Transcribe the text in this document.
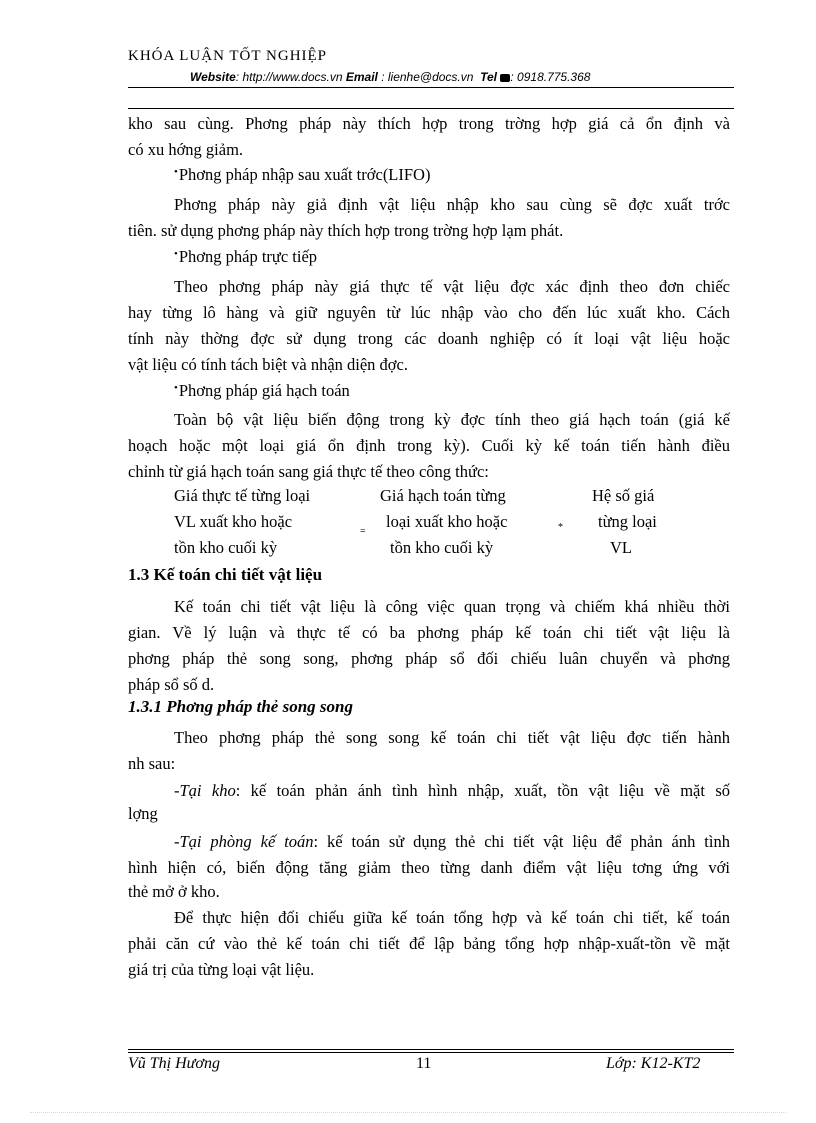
KHÓA LUẬN TỐT NGHIỆP
Website: http://www.docs.vn Email : lienhe@docs.vn Tel : 0918.775.368
kho sau cùng. Phơng pháp này thích hợp trong trờng hợp giá cả ổn định và
có xu hớng giảm.
• Phơng pháp nhập sau xuất trớc(LIFO)
Phơng pháp này giả định vật liệu nhập kho sau cùng sẽ đợc xuất trớc
tiên. sử dụng phơng pháp này thích hợp trong trờng hợp lạm phát.
• Phơng pháp trực tiếp
Theo phơng pháp này giá thực tế vật liệu đợc xác định theo đơn chiếc
hay từng lô hàng và giữ nguyên từ lúc nhập vào cho đến lúc xuất kho. Cách
tính này thờng đợc sử dụng trong các doanh nghiệp có ít loại vật liệu hoặc
vật liệu có tính tách biệt và nhận diện đợc.
• Phơng pháp giá hạch toán
Toàn bộ vật liệu biến động trong kỳ đợc tính theo giá hạch toán (giá kế
hoạch hoặc một loại giá ổn định trong kỳ). Cuối kỳ kế toán tiến hành điều
chỉnh từ giá hạch toán sang giá thực tế theo công thức:
Giá thực tế từng loại
VL xuất kho hoặc
tồn kho cuối kỳ
Giá hạch toán từng
loại xuất kho hoặc
tồn kho cuối kỳ
Hệ số giá
từng loại
VL
=	*
1.3 Kế toán chi tiết vật liệu
Kế toán chi tiết vật liệu là công việc quan trọng và chiếm khá nhiều thời
gian. Về lý luận và thực tế có ba phơng pháp kế toán chi tiết vật liệu là
phơng pháp thẻ song song, phơng pháp sổ đối chiếu luân chuyển và phơng
pháp sổ số d.
1.3.1 Phơng pháp thẻ song song
Theo phơng pháp thẻ song song kế toán chi tiết vật liệu đợc tiến hành
nh sau:
-Tại kho: kế toán phản ánh tình hình nhập, xuất, tồn vật liệu về mặt số
lợng
-Tại phòng kế toán: kế toán sử dụng thẻ chi tiết vật liệu để phản ánh tình
hình hiện có, biến động tăng giảm theo từng danh điểm vật liệu tơng ứng với
thẻ mở ở kho.
Để thực hiện đối chiếu giữa kế toán tổng hợp và kế toán chi tiết, kế toán
phải căn cứ vào thẻ kế toán chi tiết để lập bảng tổng hợp nhập-xuất-tồn về mặt
giá trị của từng loại vật liệu.
Vũ Thị Hương	11	Lớp: K12-KT2
